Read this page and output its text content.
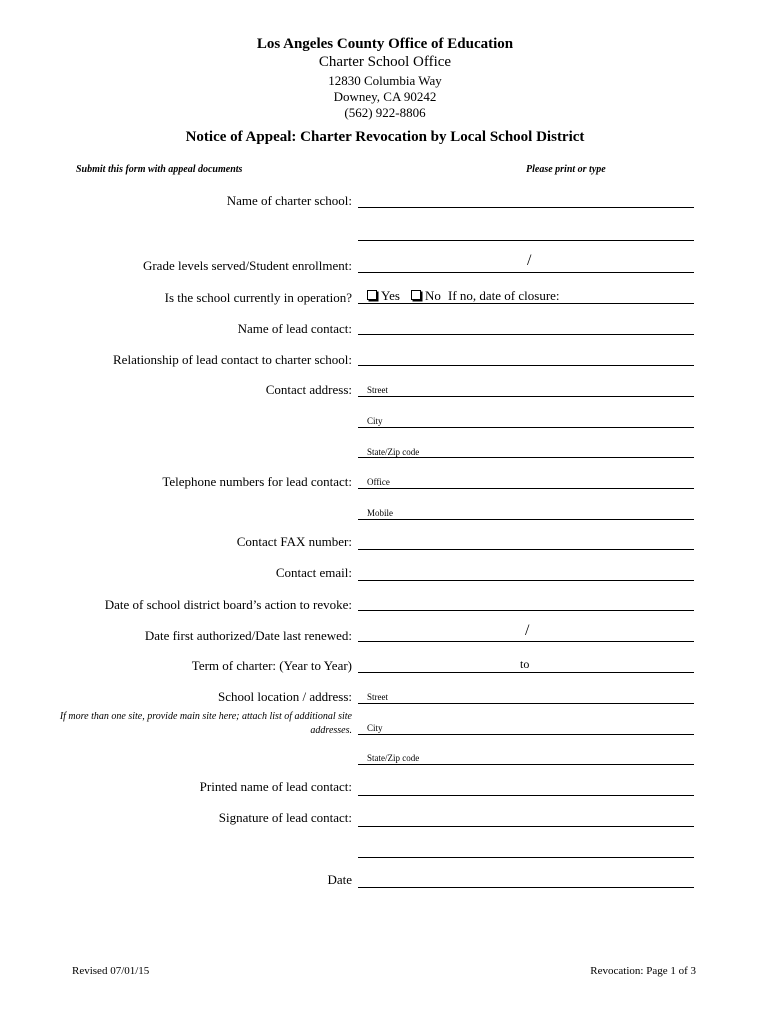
Los Angeles County Office of Education
Charter School Office
12830 Columbia Way
Downey, CA 90242
(562) 922-8806
Notice of Appeal: Charter Revocation by Local School District
Submit this form with appeal documents	Please print or type
Name of charter school:
Grade levels served/Student enrollment:	/
Is the school currently in operation?	Yes	No If no, date of closure:
Name of lead contact:
Relationship of lead contact to charter school:
Contact address: Street
City
State/Zip code
Telephone numbers for lead contact: Office
Mobile
Contact FAX number:
Contact email:
Date of school district board’s action to revoke:
Date first authorized/Date last renewed:	/
Term of charter: (Year to Year)	to
School location / address:
If more than one site, provide main site here; attach list of additional site addresses.
Street
City
State/Zip code
Printed name of lead contact:
Signature of lead contact:
Date
Revised 07/01/15	Revocation: Page 1 of 3
